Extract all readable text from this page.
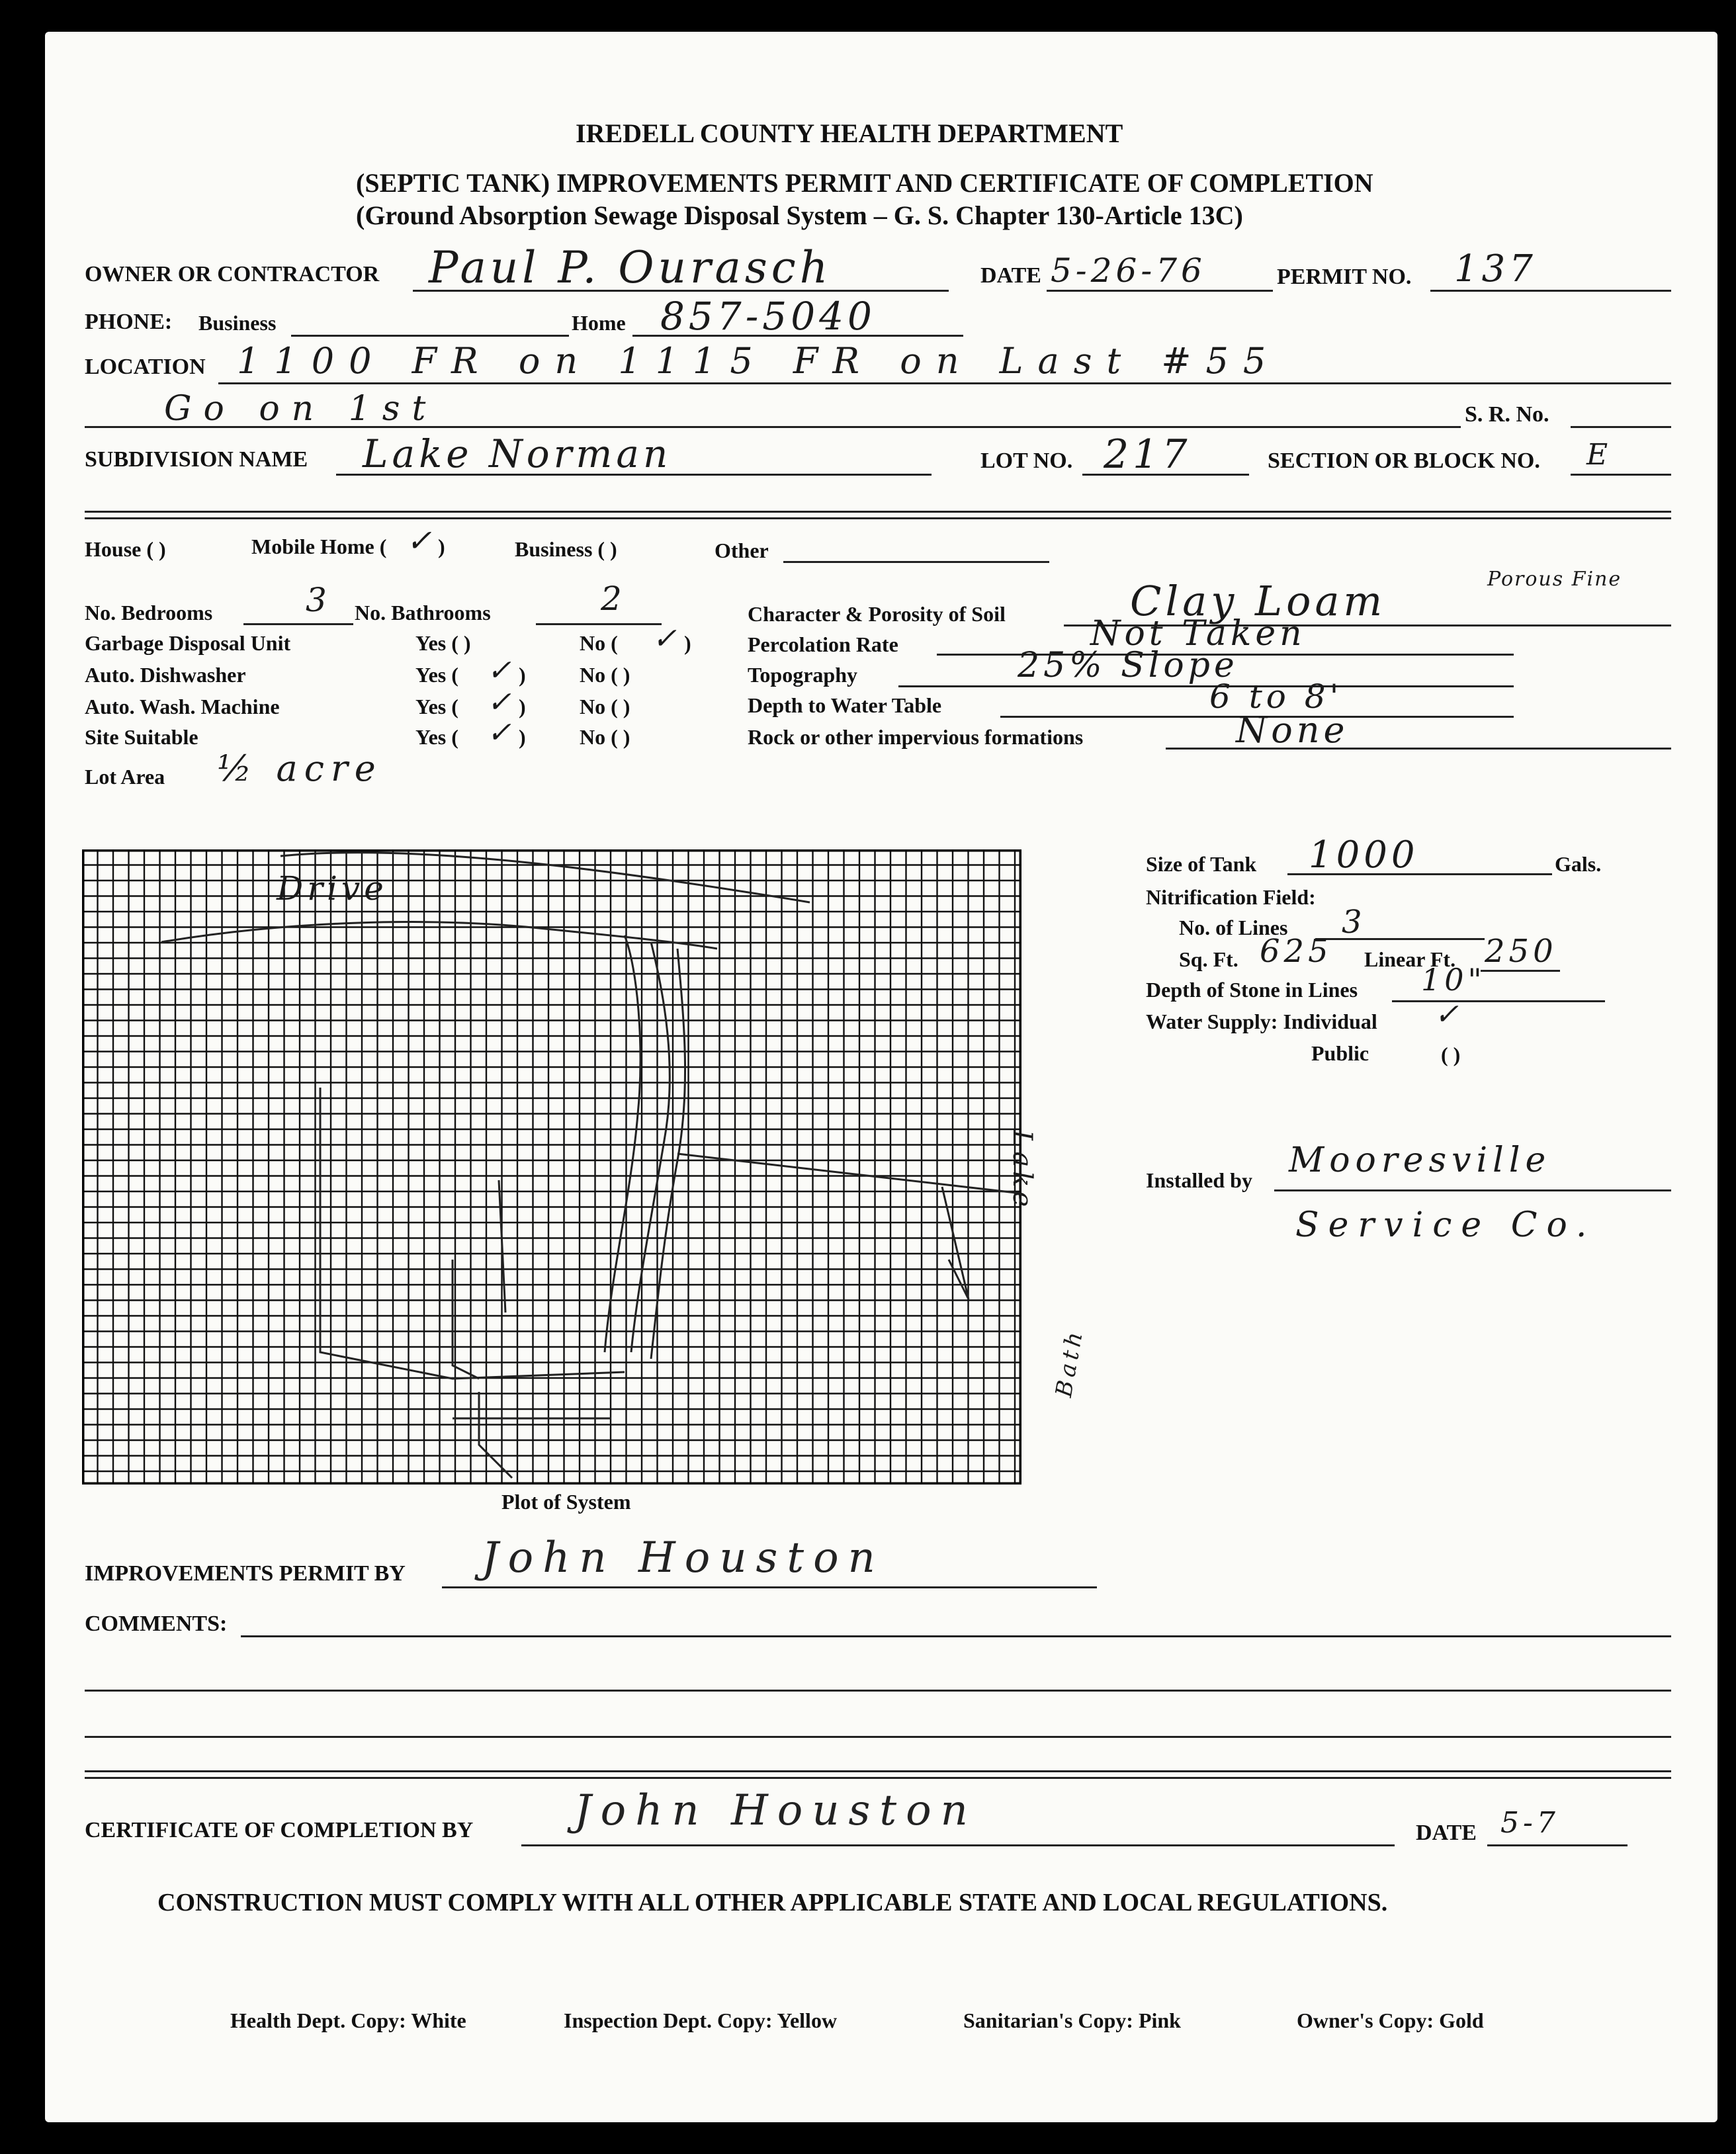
IREDELL COUNTY HEALTH DEPARTMENT
(SEPTIC TANK) IMPROVEMENTS PERMIT AND CERTIFICATE OF COMPLETION
(Ground Absorption Sewage Disposal System – G. S. Chapter 130-Article 13C)
OWNER OR CONTRACTOR Paul P. Ourasch	DATE 5-26-76	PERMIT NO. 137
PHONE: Business	Home 857-5040
LOCATION 1100 FR on 1115 FR on Last #55
Go on 1st	S. R. No.
SUBDIVISION NAME Lake Norman	LOT NO. 217	SECTION OR BLOCK NO. E
House ( )	Mobile Home ( ✓ )	Business ( )	Other
No. Bedrooms	3 No. Bathrooms	2
Garbage Disposal Unit	Yes ( )	No ( ✓ )
Auto. Dishwasher	Yes ( ✓ )	No ( )
Auto. Wash. Machine	Yes ( ✓ )	No ( )
Site Suitable	Yes ( ✓ )	No ( )
Lot Area ½ acre
Character & Porosity of Soil	Clay Loam	Porous Fine
Percolation Rate	Not Taken
Topography	25% Slope
Depth to Water Table	6 to 8'
Rock or other impervious formations	None
Drive
Lake
Bath
Plot of System
Size of Tank 1000	Gals.
Nitrification Field:
No. of Lines 3
Sq. Ft. 625 Linear Ft. 250
Depth of Stone in Lines 10"
Water Supply: Individual ✓
Public	( )
Installed by Mooresville
Service Co.
IMPROVEMENTS PERMIT BY John Houston
COMMENTS:
CERTIFICATE OF COMPLETION BY John Houston	DATE 5-7
CONSTRUCTION MUST COMPLY WITH ALL OTHER APPLICABLE STATE AND LOCAL REGULATIONS.
Health Dept. Copy: White	Inspection Dept. Copy: Yellow	Sanitarian's Copy: Pink	Owner's Copy: Gold
